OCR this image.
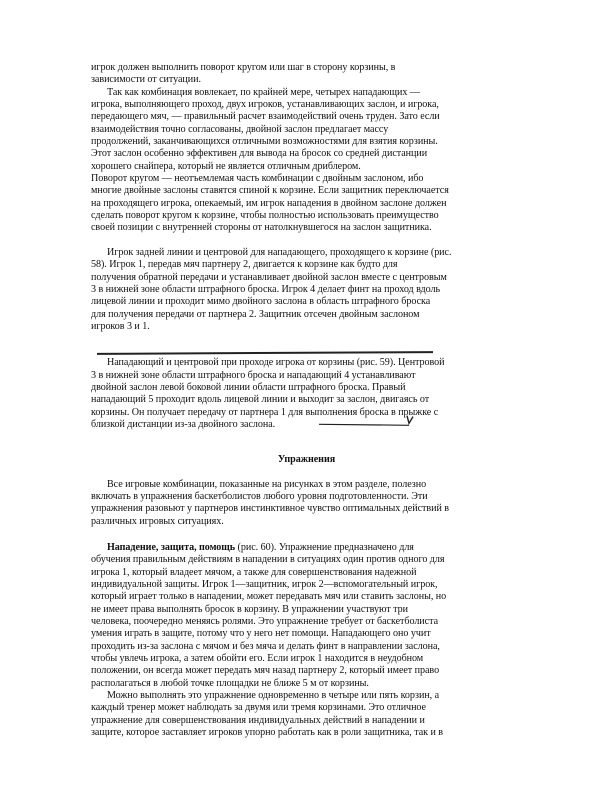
игрок должен выполнить поворот кругом или шаг в сторону корзины, в
зависимости от ситуации.

Так как комбинация вовлекает, по крайней мере, четырех нападающих —
игрока, выполняющего проход, двух игроков, устанавливающих заслон, и игрока,
передающего мяч, — правильный расчет взаимодействий очень труден. Зато если
взаимодействия точно согласованы, двойной заслон предлагает массу
продолжений, заканчивающихся отличными возможностями для взятия корзины.
Этот заслон особенно эффективен для вывода на бросок со средней дистанции
хорошего снайпера, который не является отличным дриблером.

Поворот кругом — неотъемлемая часть комбинации с двойным заслоном, ибо
многие двойные заслоны ставятся спиной к корзине. Если защитник переключается
на проходящего игрока, опекаемый, им игрок нападения в двойном заслоне должен
сделать поворот кругом к корзине, чтобы полностью использовать преимущество
своей позиции с внутренней стороны от натолкнувшегося на заслон защитника.

Игрок задней линии и центровой для нападающего, проходящего к корзине (рис.
58). Игрок 1, передав мяч партнеру 2, двигается к корзине как будто для
получения обратной передачи и устанавливает двойной заслон вместе с центровым
3 в нижней зоне области штрафного броска. Игрок 4 делает финт на проход вдоль
лицевой линии и проходит мимо двойного заслона в область штрафного броска
для получения передачи от партнера 2. Защитник отсечен двойным заслоном
игроков 3 и 1.

Нападающий и центровой при проходе игрока от корзины (рис. 59). Центровой
3 в нижней зоне области штрафного броска и нападающий 4 устанавливают
двойной заслон левой боковой линии области штрафного броска. Правый
нападающий 5 проходит вдоль лицевой линии и выходит за заслон, двигаясь от
корзины. Он получает передачу от партнера 1 для выполнения броска в прыжке с
близкой дистанции из-за двойного заслона.

Упражнения

Все игровые комбинации, показанные на рисунках в этом разделе, полезно
включать в упражнения баскетболистов любого уровня подготовленности. Эти
упражнения разовьют у партнеров инстинктивное чувство оптимальных действий в
различных игровых ситуациях.

Нападение, защита, помощь (рис. 60). Упражнение предназначено для
обучения правильным действиям в нападении в ситуациях один против одного для
игрока 1, который владеет мячом, а также для совершенствования надежной
индивидуальной защиты. Игрок 1—защитник, игрок 2—вспомогательный игрок,
который играет только в нападении, может передавать мяч или ставить заслоны, но
не имеет права выполнять бросок в корзину. В упражнении участвуют три
человека, поочередно меняясь ролями. Это упражнение требует от баскетболиста
умения играть в защите, потому что у него нет помощи. Нападающего оно учит
проходить из-за заслона с мячом и без мяча и делать финт в направлении заслона,
чтобы увлечь игрока, а затем обойти его. Если игрок 1 находится в неудобном
положении, он всегда может передать мяч назад партнеру 2, который имеет право
располагаться в любой точке площадки не ближе 5 м от корзины.

Можно выполнять это упражнение одновременно в четыре или пять корзин, а
каждый тренер может наблюдать за двумя или тремя корзинами. Это отличное
упражнение для совершенствования индивидуальных действий в нападении и
защите, которое заставляет игроков упорно работать как в роли защитника, так и в
